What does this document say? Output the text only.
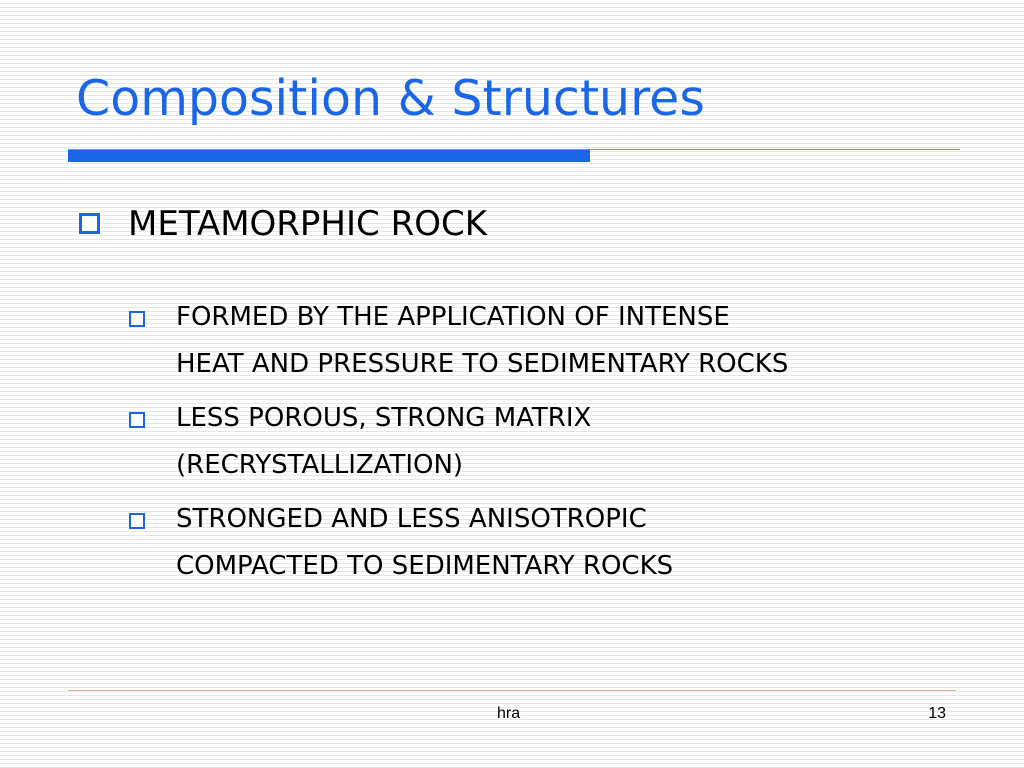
Composition & Structures
METAMORPHIC ROCK
FORMED BY THE APPLICATION OF INTENSE
HEAT AND PRESSURE TO SEDIMENTARY ROCKS
LESS POROUS, STRONG MATRIX
(RECRYSTALLIZATION)
STRONGED AND LESS ANISOTROPIC
COMPACTED TO SEDIMENTARY ROCKS
hra	13
